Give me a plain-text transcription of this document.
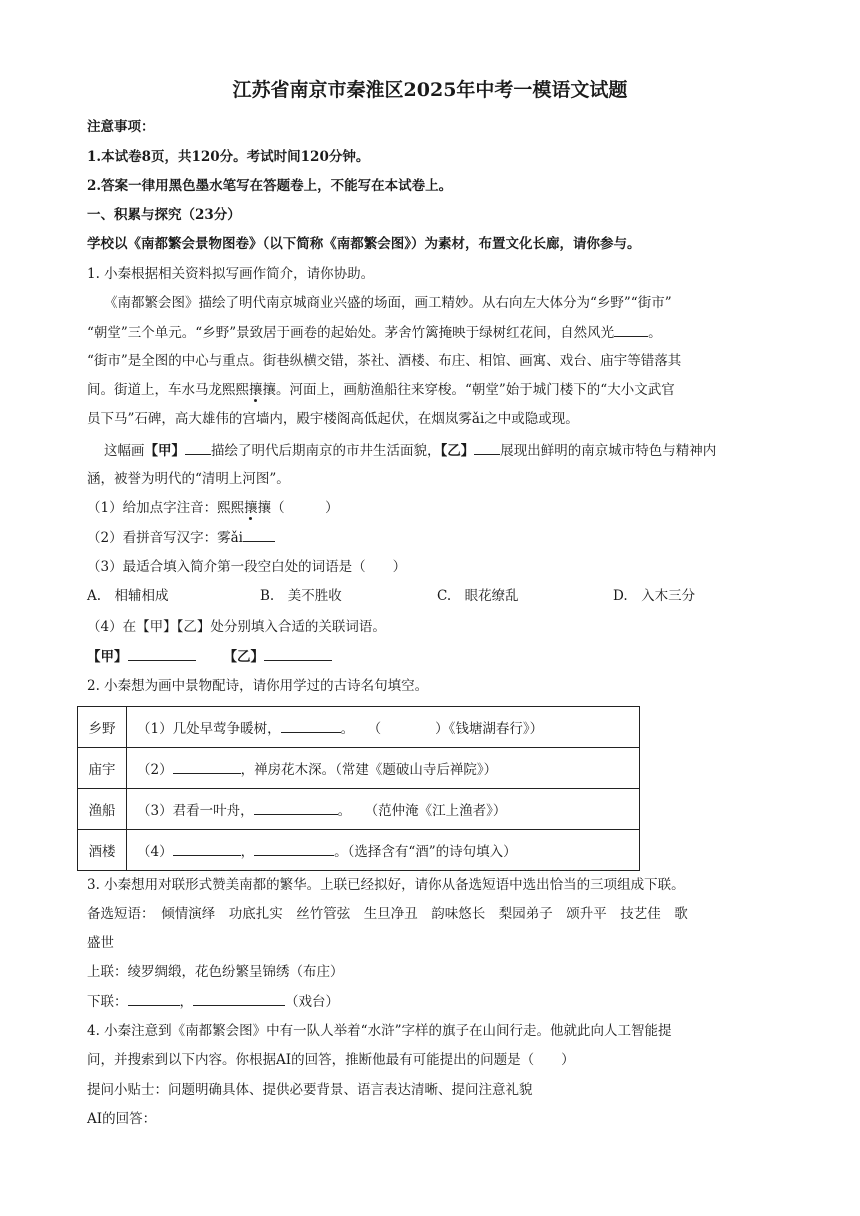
江苏省南京市秦淮区2025年中考一模语文试题
注意事项：
1.本试卷8页，共120分。考试时间120分钟。
2.答案一律用黑色墨水笔写在答题卷上，不能写在本试卷上。
一、积累与探究（23分）
学校以《南都繁会景物图卷》（以下简称《南都繁会图》）为素材，布置文化长廊，请你参与。
1. 小秦根据相关资料拟写画作简介，请你协助。
《南都繁会图》描绘了明代南京城商业兴盛的场面，画工精妙。从右向左大体分为“乡野”“街市”
“朝堂”三个单元。“乡野”景致居于画卷的起始处。茅舍竹篱掩映于绿树红花间，自然风光	。
“街市”是全图的中心与重点。街巷纵横交错，茶社、酒楼、布庄、相馆、画寓、戏台、庙宇等错落其
间。街道上，车水马龙熙熙攘攘。河面上，画舫渔船往来穿梭。“朝堂”始于城门楼下的“大小文武官
员下马”石碑，高大雄伟的宫墙内，殿宇楼阁高低起伏，在烟岚雾ǎi之中或隐或现。
这幅画【甲】 描绘了明代后期南京的市井生活面貌，【乙】 展现出鲜明的南京城市特色与精神内
涵，被誉为明代的“清明上河图”。
（1）给加点字注音：熙熙攘攘（　　　）
（2）看拼音写汉字：雾ǎi
（3）最适合填入简介第一段空白处的词语是（　　）
A.　相辅相成	B.　美不胜收	C.　眼花缭乱	D.　入木三分
（4）在【甲】【乙】处分别填入合适的关联词语。
【甲】	【乙】
2. 小秦想为画中景物配诗，请你用学过的古诗名句填空。
乡野	（1）几处早莺争暖树， 。　　（　　　　）《钱塘湖春行》）
庙宇	（2） ，禅房花木深。（常建《题破山寺后禅院》）
渔船	（3）君看一叶舟， 。　　（范仲淹《江上渔者》）
酒楼	（4） ， 。（选择含有“酒”的诗句填入）
3. 小秦想用对联形式赞美南都的繁华。上联已经拟好，请你从备选短语中选出恰当的三项组成下联。
备选短语：　倾情演绎　功底扎实　丝竹管弦　生旦净丑　韵味悠长　梨园弟子　颂升平　技艺佳　歌
盛世
上联：绫罗绸缎，花色纷繁呈锦绣（布庄）
下联：	，	（戏台）
4. 小秦注意到《南都繁会图》中有一队人举着“水浒”字样的旗子在山间行走。他就此向人工智能提
问，并搜索到以下内容。你根据AI的回答，推断他最有可能提出的问题是（　　）
提问小贴士：问题明确具体、提供必要背景、语言表达清晰、提问注意礼貌
AI的回答：
